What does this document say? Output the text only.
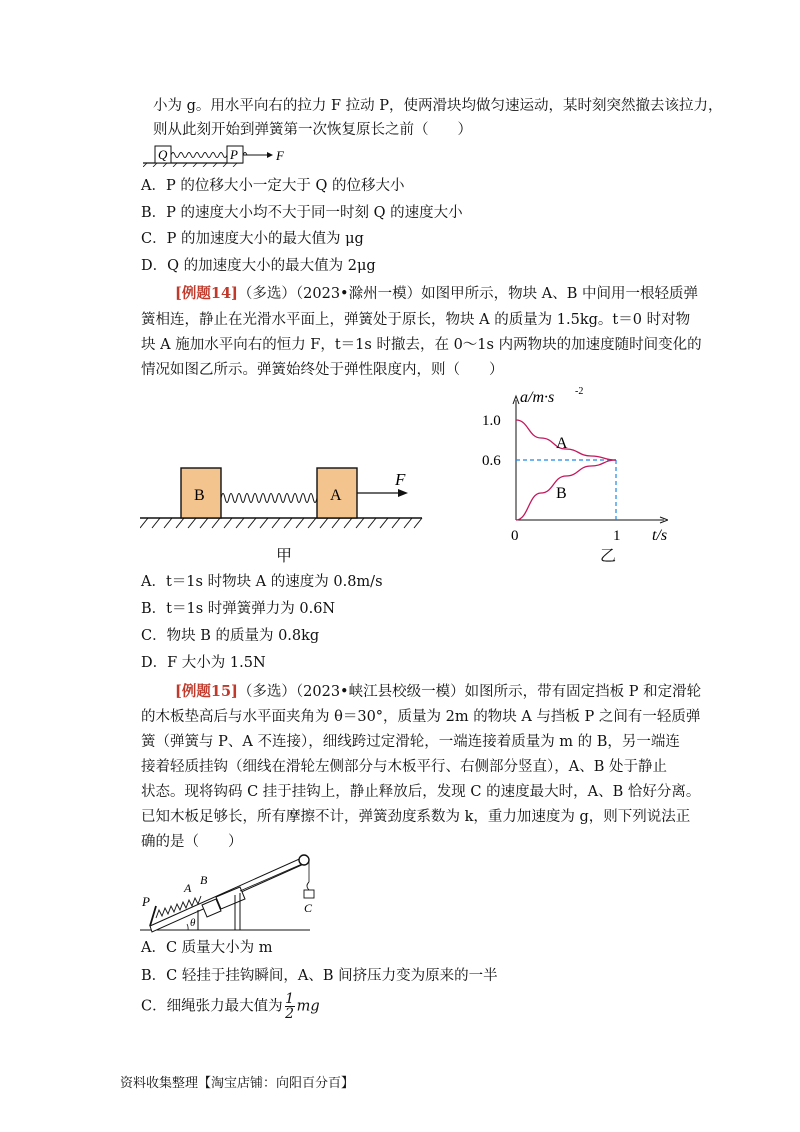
小为 g。用水平向右的拉力 F 拉动 P，使两滑块均做匀速运动，某时刻突然撤去该拉力，
则从此刻开始到弹簧第一次恢复原长之前（　　）
Q	P	F
A．P 的位移大小一定大于 Q 的位移大小
B．P 的速度大小均不大于同一时刻 Q 的速度大小
C．P 的加速度大小的最大值为 μg
D．Q 的加速度大小的最大值为 2μg
[例题14]（多选）（2023•滁州一模）如图甲所示，物块 A、B 中间用一根轻质弹
簧相连，静止在光滑水平面上，弹簧处于原长，物块 A 的质量为 1.5kg。t＝0 时对物
块 A 施加水平向右的恒力 F，t＝1s 时撤去，在 0～1s 内两物块的加速度随时间变化的
情况如图乙所示。弹簧始终处于弹性限度内，则（　　）
B	A
F
甲
a/m·s -2
t/s
0
1.0
0.6
1
A
B
乙
A．t＝1s 时物块 A 的速度为 0.8m/s
B．t＝1s 时弹簧弹力为 0.6N
C．物块 B 的质量为 0.8kg
D．F 大小为 1.5N
[例题15]（多选）（2023•峡江县校级一模）如图所示，带有固定挡板 P 和定滑轮
的木板垫高后与水平面夹角为 θ＝30°，质量为 2m 的物块 A 与挡板 P 之间有一轻质弹
簧（弹簧与 P、A 不连接），细线跨过定滑轮，一端连接着质量为 m 的 B，另一端连
接着轻质挂钩（细线在滑轮左侧部分与木板平行、右侧部分竖直），A、B 处于静止
状态。现将钩码 C 挂于挂钩上，静止释放后，发现 C 的速度最大时，A、B 恰好分离。
已知木板足够长，所有摩擦不计，弹簧劲度系数为 k，重力加速度为 g，则下列说法正
确的是（　　）
P
A
B
C
θ
A．C 质量大小为 m
B．C 轻挂于挂钩瞬间，A、B 间挤压力变为原来的一半
C．细绳张力最大值为 $\frac{1}{2}$ mg
资料收集整理【淘宝店铺：向阳百分百】
